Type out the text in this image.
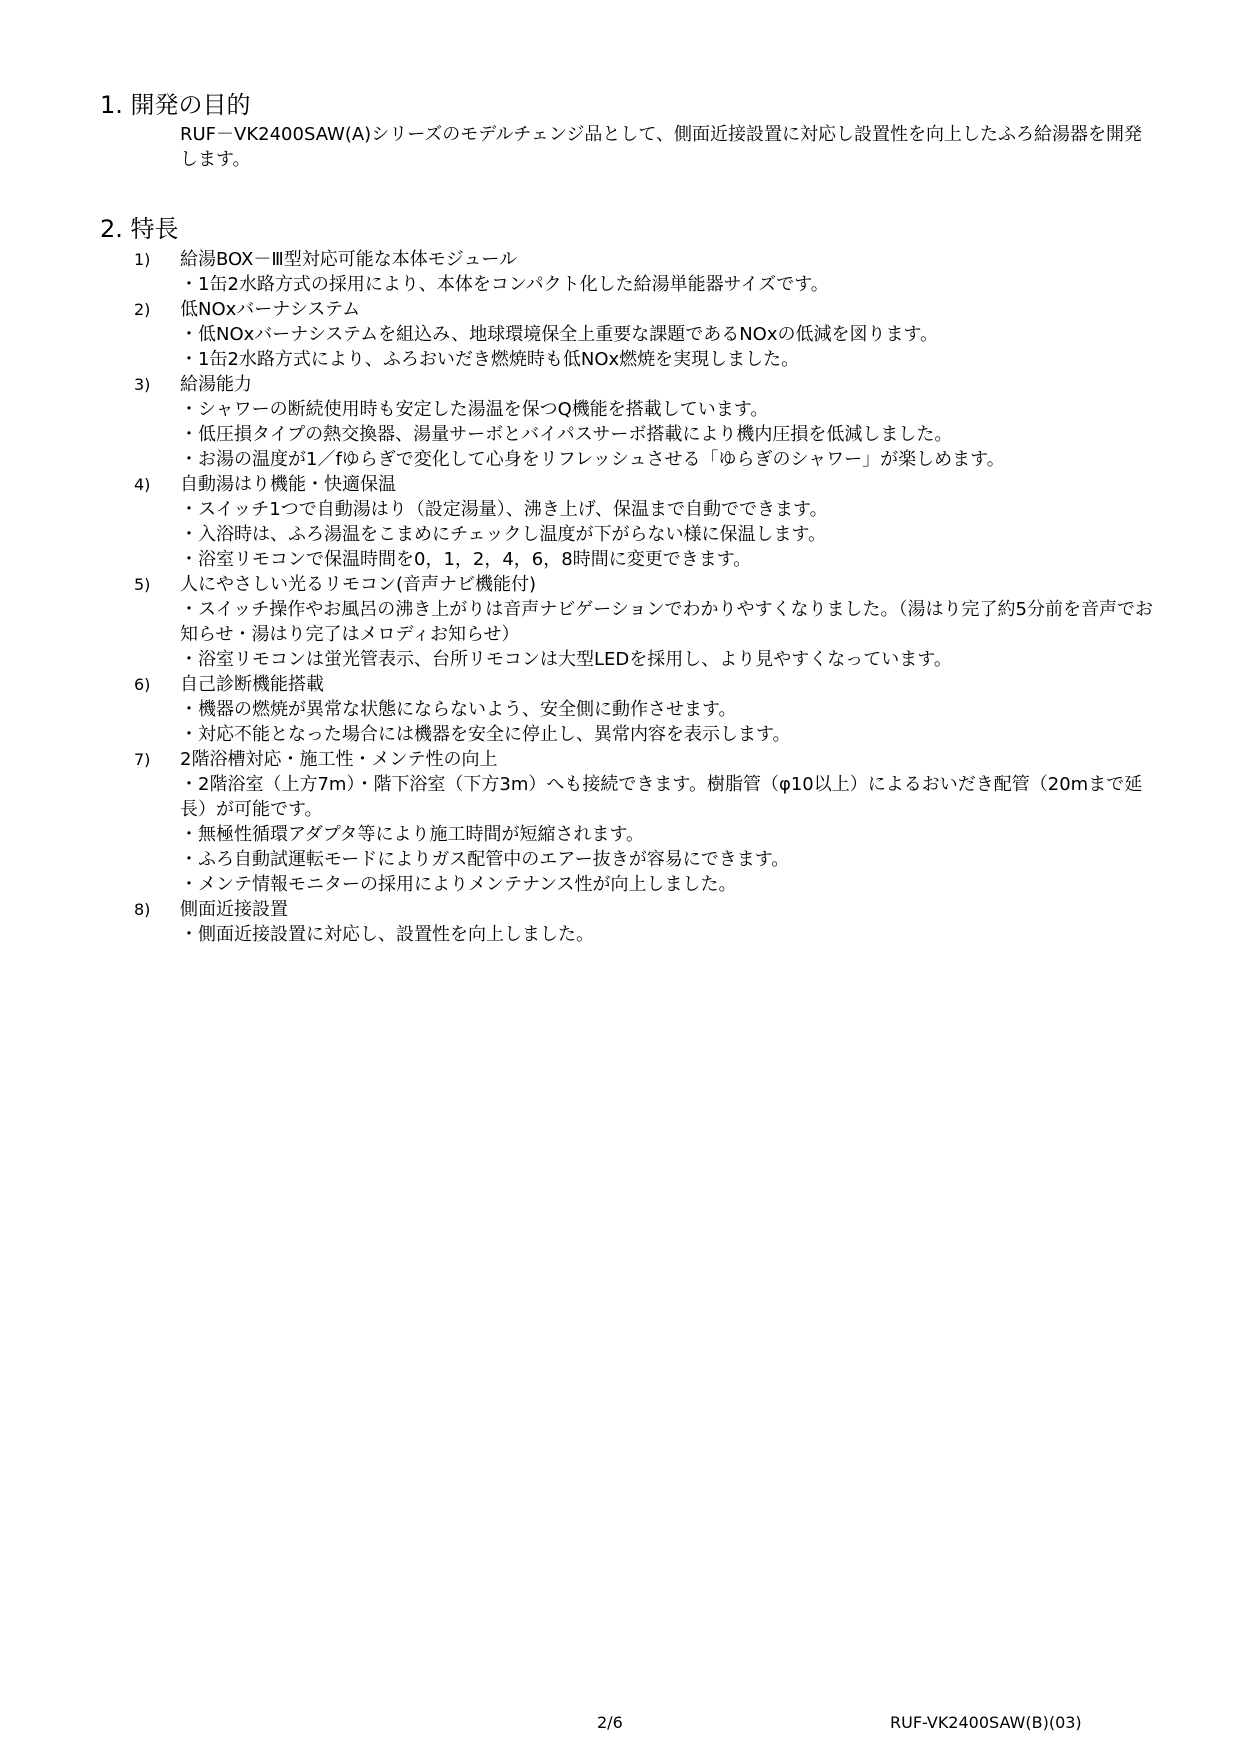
1. 開発の目的
RUF－VK2400SAW(A)シリーズのモデルチェンジ品として、側面近接設置に対応し設置性を向上したふろ給湯器を開発します。
2. 特長
1)	給湯BOX－Ⅲ型対応可能な本体モジュール
・1缶2水路方式の採用により、本体をコンパクト化した給湯単能器サイズです。
2)	低NOxバーナシステム
・低NOxバーナシステムを組込み、地球環境保全上重要な課題であるNOxの低減を図ります。
・1缶2水路方式により、ふろおいだき燃焼時も低NOx燃焼を実現しました。
3)	給湯能力
・シャワーの断続使用時も安定した湯温を保つQ機能を搭載しています。
・低圧損タイプの熱交換器、湯量サーボとバイパスサーボ搭載により機内圧損を低減しました。
・お湯の温度が1／fゆらぎで変化して心身をリフレッシュさせる「ゆらぎのシャワー」が楽しめます。
4)	自動湯はり機能・快適保温
・スイッチ1つで自動湯はり（設定湯量）、沸き上げ、保温まで自動でできます。
・入浴時は、ふろ湯温をこまめにチェックし温度が下がらない様に保温します。
・浴室リモコンで保温時間を0，1，2，4，6，8時間に変更できます。
5)	人にやさしい光るリモコン(音声ナビ機能付)
・スイッチ操作やお風呂の沸き上がりは音声ナビゲーションでわかりやすくなりました。（湯はり完了約5分前を音声でお知らせ・湯はり完了はメロディお知らせ）
・浴室リモコンは蛍光管表示、台所リモコンは大型LEDを採用し、より見やすくなっています。
6)	自己診断機能搭載
・機器の燃焼が異常な状態にならないよう、安全側に動作させます。
・対応不能となった場合には機器を安全に停止し、異常内容を表示します。
7)	2階浴槽対応・施工性・メンテ性の向上
・2階浴室（上方7m）・階下浴室（下方3m）へも接続できます。樹脂管（φ10以上）によるおいだき配管（20mまで延長）が可能です。
・無極性循環アダプタ等により施工時間が短縮されます。
・ふろ自動試運転モードによりガス配管中のエアー抜きが容易にできます。
・メンテ情報モニターの採用によりメンテナンス性が向上しました。
8)	側面近接設置
・側面近接設置に対応し、設置性を向上しました。
2/6	RUF-VK2400SAW(B)(03)
